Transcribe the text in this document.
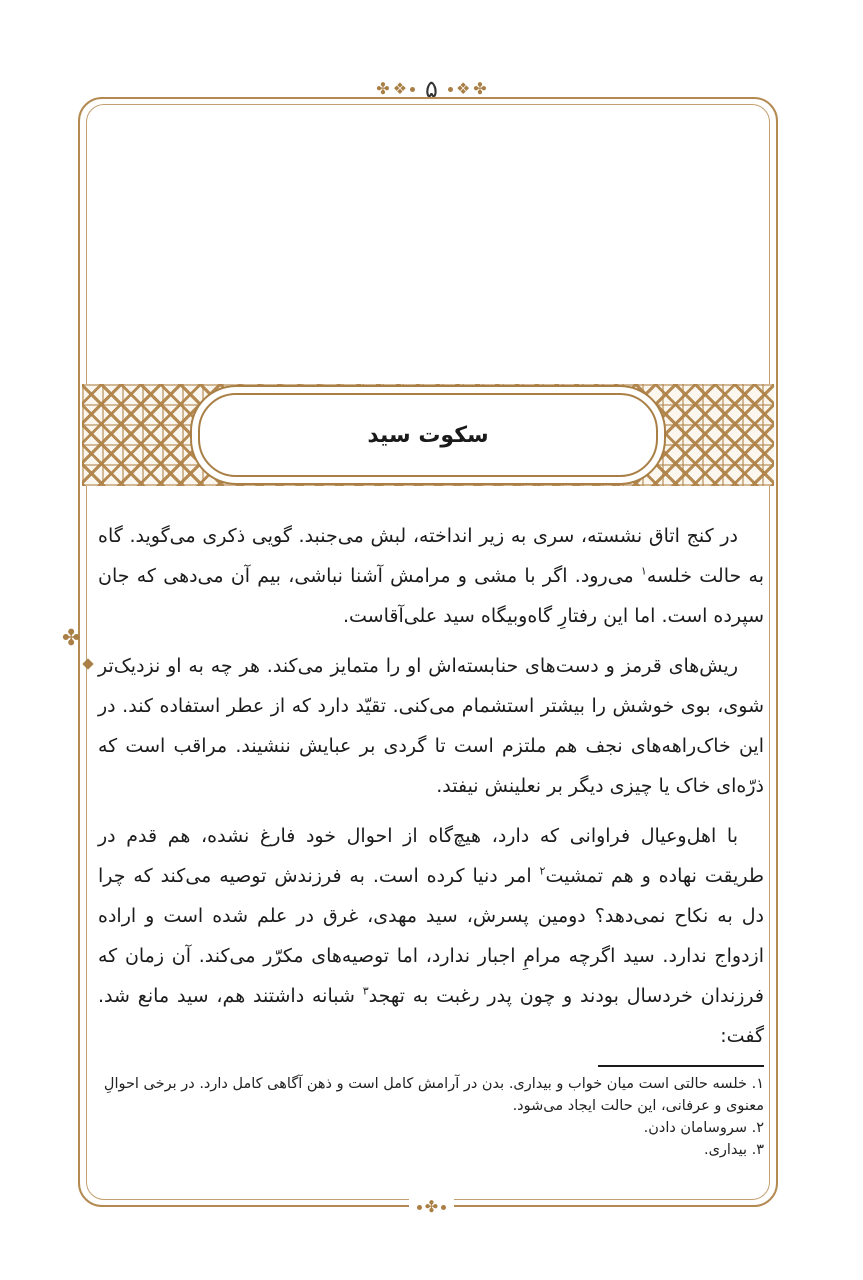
✤ ❖ ۵ ❖ ✤
✤
✤
سکوت سید

در کنج اتاق نشسته، سری به زیر انداخته، لبش می‌جنبد. گویی ذکری می‌گوید. گاه به حالت خلسه$^۱$ می‌رود. اگر با مشی و مرامش آشنا نباشی، بیم آن می‌دهی که جان سپرده است. اما این رفتارِ گاه‌وبیگاه سید علی‌آقاست.

ریش‌های قرمز و دست‌های حنابسته‌اش او را متمایز می‌کند. هر چه به او نزدیک‌تر شوی، بوی خوشش را بیشتر استشمام می‌کنی. تقیّد دارد که از عطر استفاده کند. در این خاک‌راهه‌های نجف هم ملتزم است تا گردی بر عبایش ننشیند. مراقب است که ذرّه‌ای خاک یا چیزی دیگر بر نعلینش نیفتد.

با اهل‌وعیال فراوانی که دارد، هیچ‌گاه از احوال خود فارغ نشده، هم قدم در طریقت نهاده و هم تمشیت$^۲$ امر دنیا کرده است. به فرزندش توصیه می‌کند که چرا دل به نکاح نمی‌دهد؟ دومین پسرش، سید مهدی، غرق در علم شده است و اراده ازدواج ندارد. سید اگرچه مرامِ اجبار ندارد، اما توصیه‌های مکرّر می‌کند. آن زمان که فرزندان خردسال بودند و چون پدر رغبت به تهجد$^۳$ شبانه داشتند هم، سید مانع شد. گفت:

۱. خلسه حالتی است میان خواب و بیداری. بدن در آرامش کامل است و ذهن آگاهی کامل دارد. در برخی احوالِ معنوی و عرفانی، این حالت ایجاد می‌شود.

۲. سروسامان دادن.

۳. بیداری.
